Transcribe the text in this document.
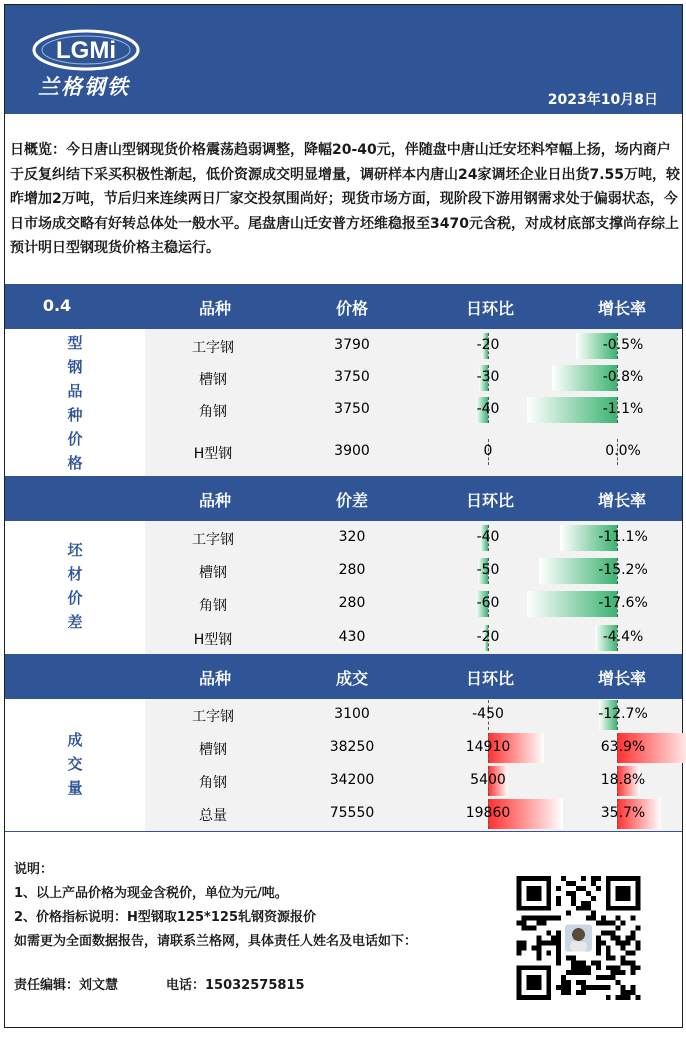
LGMi
兰格钢铁
2023年10月8日
日概览：今日唐山型钢现货价格震荡趋弱调整，降幅20-40元，伴随盘中唐山迁安坯料窄幅上扬，场内商户于反复纠结下采买积极性渐起，低价资源成交明显增量，调研样本内唐山24家调坯企业日出货7.55万吨，较昨增加2万吨，节后归来连续两日厂家交投氛围尚好；现货市场方面，现阶段下游用钢需求处于偏弱状态，今日市场成交略有好转总体处一般水平。尾盘唐山迁安普方坯维稳报至3470元含税，对成材底部支撑尚存综上预计明日型钢现货价格主稳运行。
0.4	品种	价格	日环比	增长率
型
钢
品
种
价
格
工字钢	3790	-20	-0.5%
槽钢	3750	-30	-0.8%
角钢	3750	-40	-1.1%
H型钢	3900	0	0.0%
品种	价差	日环比	增长率
坯
材
价
差
工字钢	320	-40	-11.1%
槽钢	280	-50	-15.2%
角钢	280	-60	-17.6%
H型钢	430	-20	-4.4%
品种	成交	日环比	增长率
成
交
量
工字钢	3100	-450	-12.7%
槽钢	38250	14910	63.9%
角钢	34200	5400	18.8%
总量	75550	19860	35.7%
说明：
1、以上产品价格为现金含税价，单位为元/吨。
2、价格指标说明：H型钢取125*125轧钢资源报价
如需更为全面数据报告，请联系兰格网，具体责任人姓名及电话如下：
责任编辑：刘文慧	电话：15032575815
